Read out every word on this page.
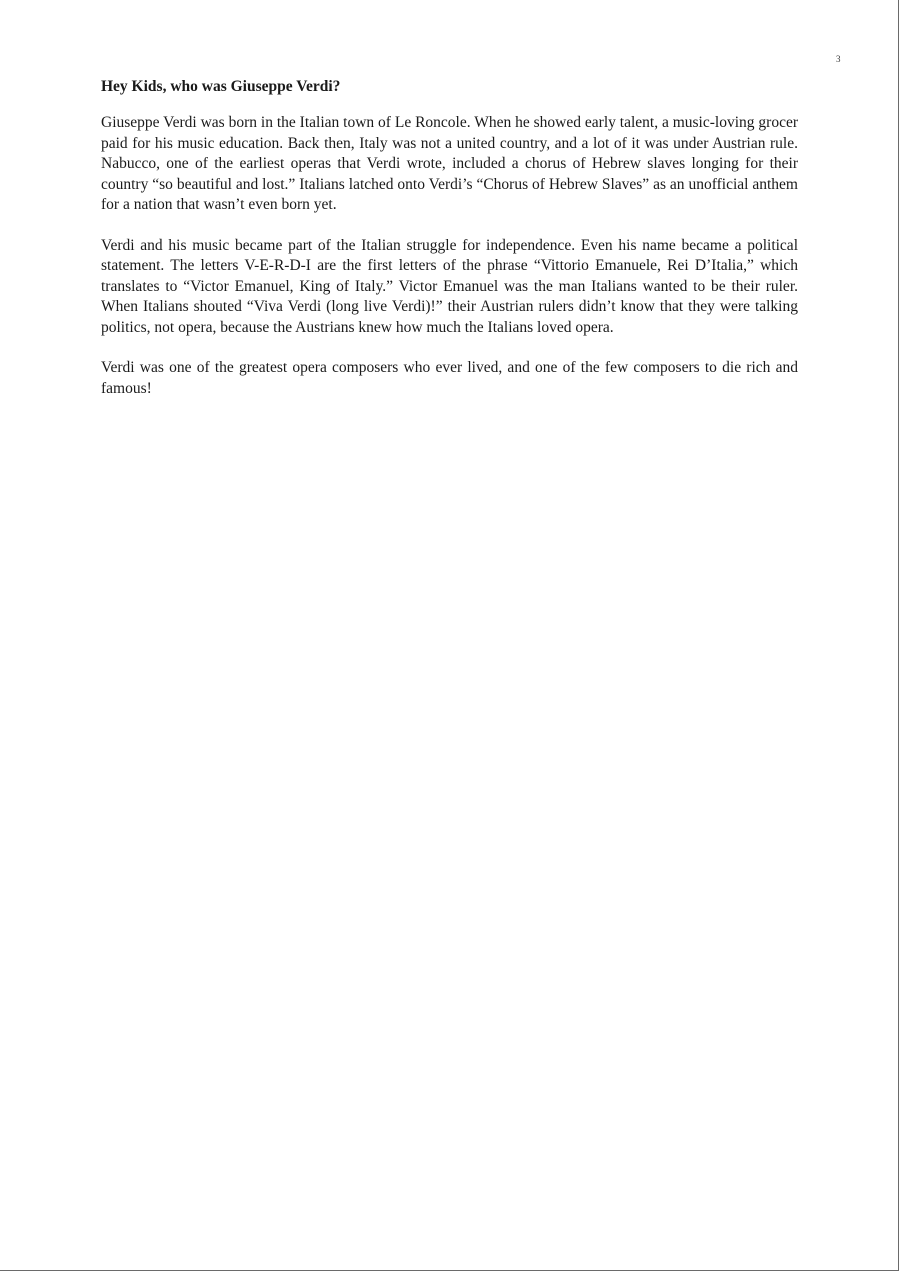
3

Hey Kids, who was Giuseppe Verdi?

Giuseppe Verdi was born in the Italian town of Le Roncole. When he showed early talent, a music-loving grocer paid for his music education. Back then, Italy was not a united country, and a lot of it was under Austrian rule. Nabucco, one of the earliest operas that Verdi wrote, included a chorus of Hebrew slaves longing for their country “so beautiful and lost.” Italians latched onto Verdi’s “Chorus of Hebrew Slaves” as an unofficial anthem for a nation that wasn’t even born yet.

Verdi and his music became part of the Italian struggle for independence. Even his name became a political statement. The letters V-E-R-D-I are the first letters of the phrase “Vittorio Emanuele, Rei D’Italia,” which translates to “Victor Emanuel, King of Italy.” Victor Emanuel was the man Italians wanted to be their ruler. When Italians shouted “Viva Verdi (long live Verdi)!” their Austrian rulers didn’t know that they were talking politics, not opera, because the Austrians knew how much the Italians loved opera.

Verdi was one of the greatest opera composers who ever lived, and one of the few composers to die rich and famous!
